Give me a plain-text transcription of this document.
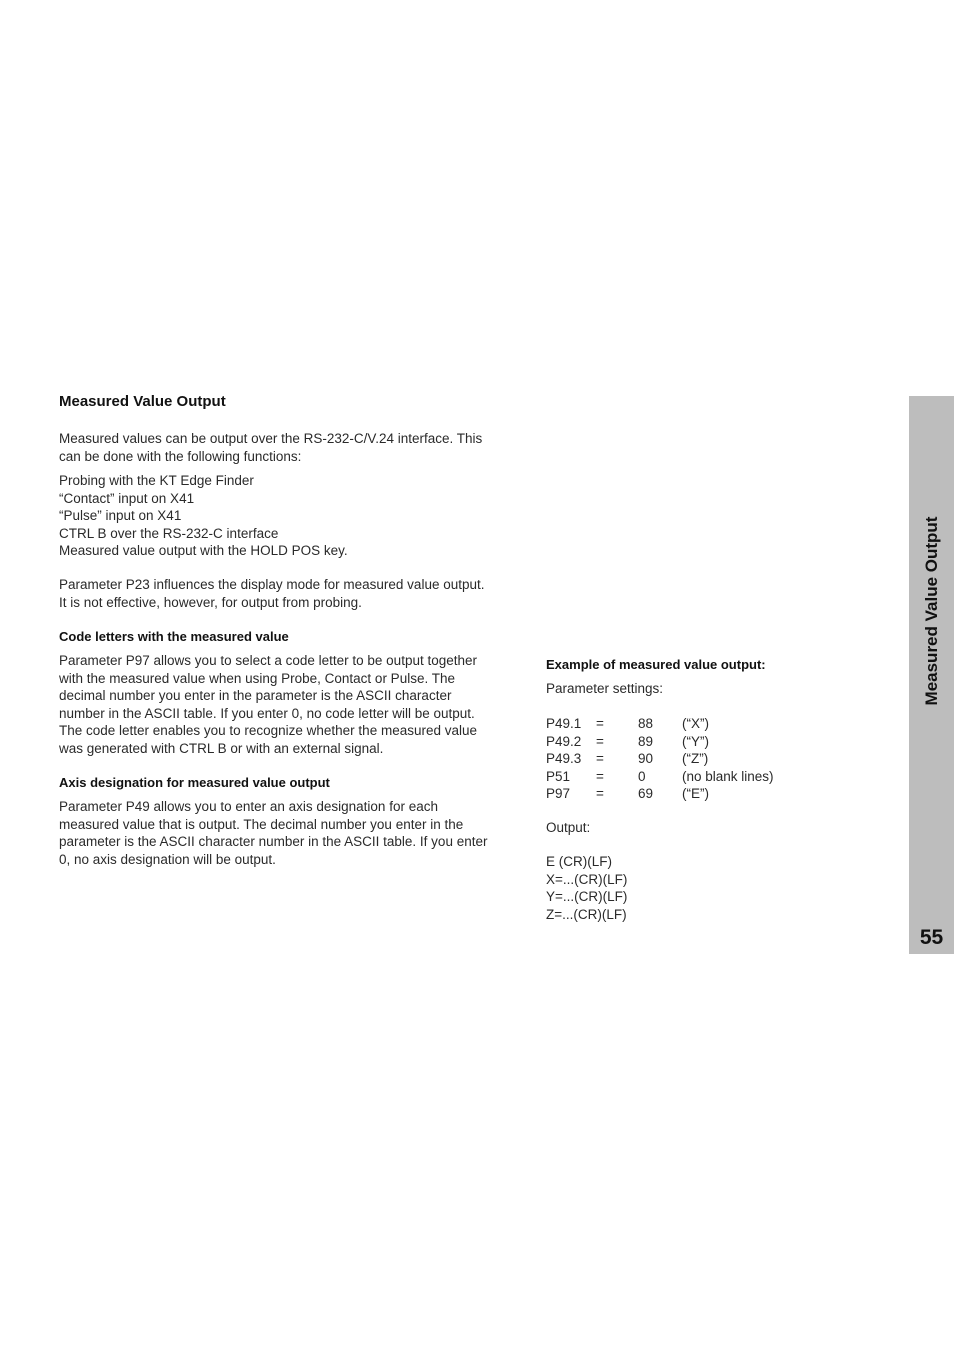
Measured Value Output
Measured values can be output over the RS-232-C/V.24 interface. This
can be done with the following functions:
Probing with the KT Edge Finder
“Contact” input on X41
“Pulse” input on X41
CTRL B over the RS-232-C interface
Measured value output with the HOLD POS key.
Parameter P23 influences the display mode for measured value output.
It is not effective, however, for output from probing.
Code letters with the measured value
Parameter P97 allows you to select a code letter to be output together
with the measured value when using Probe, Contact or Pulse. The
decimal number you enter in the parameter is the ASCII character
number in the ASCII table. If you enter 0, no code letter will be output.
The code letter enables you to recognize whether the measured value
was generated with CTRL B or with an external signal.
Axis designation for measured value output
Parameter P49 allows you to enter an axis designation for each
measured value that is output. The decimal number you enter in the
parameter is the ASCII character number in the ASCII table. If you enter
0, no axis designation will be output.
Example of measured value output:
Parameter settings:
P49.1 =	88 (“X”)
P49.2 =	89 (“Y”)
P49.3 =	90 (“Z”)
P51 =	0	(no blank lines)
P97 =	69 (“E”)
Output:
E (CR)(LF)
X=...(CR)(LF)
Y=...(CR)(LF)
Z=...(CR)(LF)
Measured Value Output
55
